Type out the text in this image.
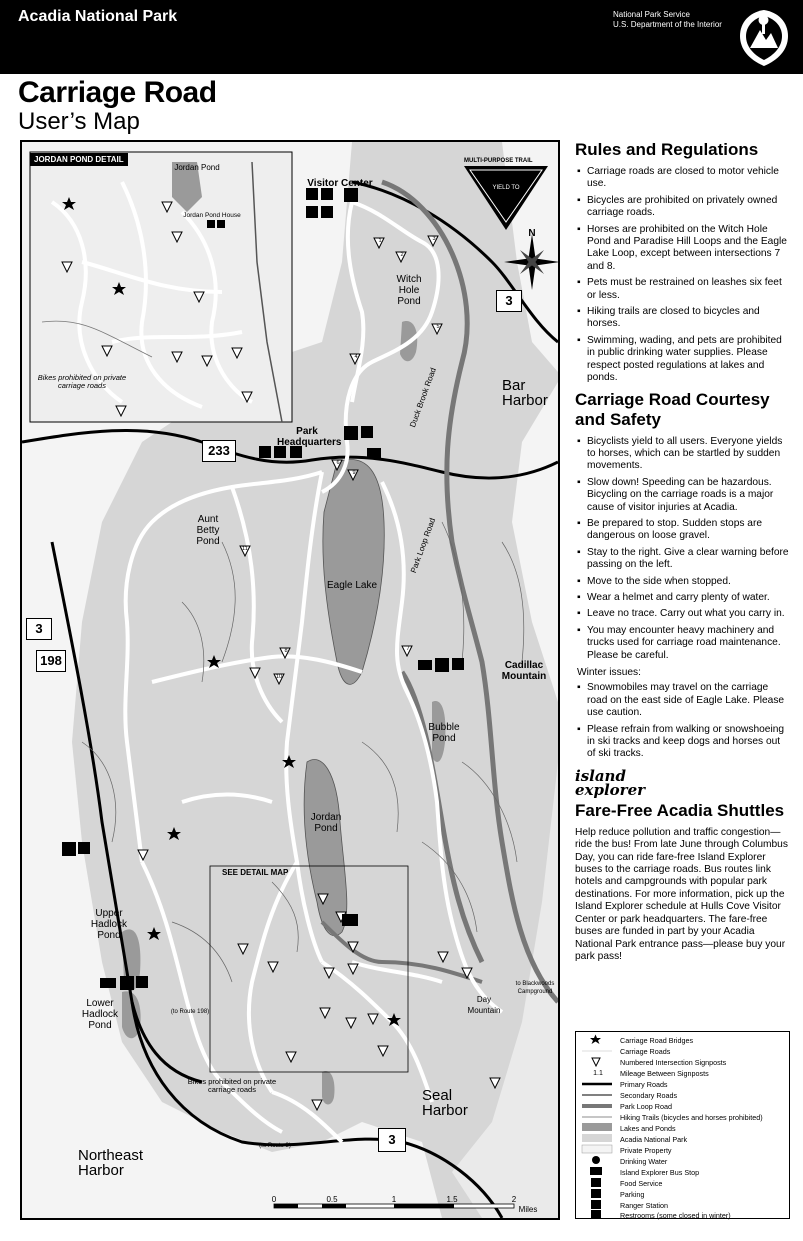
Acadia National Park	National Park Service
U.S. Department of the Interior
Carriage Road
User’s Map
JORDAN POND DETAIL
Jordan Pond
Jordan Pond House
Bikes prohibited on private carriage roads
MULTI-PURPOSE TRAIL
YIELD TO
N
Visitor Center
Witch Hole Pond
Bar Harbor
Park Headquarters
Duck Brook Road
Aunt Betty Pond
Eagle Lake
Park Loop Road
Cadillac Mountain
Bubble Pond
Jordan Pond
Upper Hadlock Pond
Lower Hadlock Pond
Day Mountain
to Blackwoods Campground
Seal Harbor
Northeast Harbor
Bikes prohibited on private carriage roads
(to Route 198)
(to Route 3)
SEE DETAIL MAP
3
233
3
198
3
0	0.5	1	1.5	2
Miles
1
2
3
4
5
6
7
8
9
10
11
Rules and Regulations
▪ Carriage roads are closed to motor vehicle use.
▪ Bicycles are prohibited on privately owned carriage roads.
▪ Horses are prohibited on the Witch Hole Pond and Paradise Hill Loops and the Eagle Lake Loop, except between intersections 7 and 8.
▪ Pets must be restrained on leashes six feet or less.
▪ Hiking trails are closed to bicycles and horses.
▪ Swimming, wading, and pets are prohibited in public drinking water supplies. Please respect posted regulations at lakes and ponds.
Carriage Road Courtesy and Safety
▪ Bicyclists yield to all users. Everyone yields to horses, which can be startled by sudden movements.
▪ Slow down! Speeding can be hazardous. Bicycling on the carriage roads is a major cause of visitor injuries at Acadia.
▪ Be prepared to stop. Sudden stops are dangerous on loose gravel.
▪ Stay to the right. Give a clear warning before passing on the left.
▪ Move to the side when stopped.
▪ Wear a helmet and carry plenty of water.
▪ Leave no trace. Carry out what you carry in.
▪ You may encounter heavy machinery and trucks used for carriage road maintenance. Please be careful.
Winter issues:
▪ Snowmobiles may travel on the carriage road on the east side of Eagle Lake. Please use caution.
▪ Please refrain from walking or snowshoeing in ski tracks and keep dogs and horses out of ski tracks.
island
explorer
Fare-Free Acadia Shuttles

Help reduce pollution and traffic congestion—ride the bus! From late June through Columbus Day, you can ride fare-free Island Explorer buses to the carriage roads. Bus routes link hotels and campgrounds with popular park destinations. For more information, pick up the Island Explorer schedule at Hulls Cove Visitor Center or park headquarters. The fare-free buses are funded in part by your Acadia National Park entrance pass—please buy your park pass!

1.1
Carriage Road Bridges
Carriage Roads
Numbered Intersection Signposts
Mileage Between Signposts
Primary Roads
Secondary Roads
Park Loop Road
Hiking Trails (bicycles and horses prohibited)
Lakes and Ponds
Acadia National Park
Private Property
Drinking Water
Island Explorer Bus Stop
Food Service
Parking
Ranger Station
Restrooms (some closed in winter)
